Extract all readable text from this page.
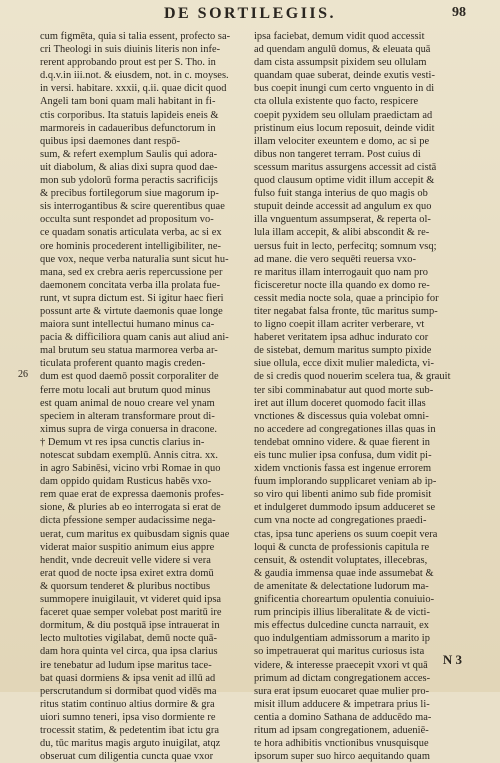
DE SORTILEGIIS.	98
26
cum figmēta, quia si talia essent, profecto sa-
cri Theologi in suis diuinis literis non infe-
rerent approbando prout est per S. Tho. in
d.q.v.in iii.not. & eiusdem, not. in c. moyses.
in versi. habitare. xxxii, q.ii. quae dicit quod
Angeli tam boni quam mali habitant in fi-
ctis corporibus. Ita statuis lapideis eneis &
marmoreis in cadaueribus defunctorum in
quibus ipsi daemones dant respō-
sum, & refert exemplum Saulis qui adora-
uit diabolum, & alias dixi supra quod dae-
mon sub ydolorū forma peractis sacrificijs
& precibus fortilegorum siue magorum ip-
sis interrogantibus & scire querentibus quae
occulta sunt respondet ad propositum vo-
ce quadam sonatis articulata verba, ac si ex
ore hominis procederent intelligibiliter, ne-
que vox, neque verba naturalia sunt sicut hu-
mana, sed ex crebra aeris repercussione per
daemonem concitata verba illa prolata fue-
runt, vt supra dictum est. Si igitur haec fieri
possunt arte & virtute daemonis quae longe
maiora sunt intellectui humano minus ca-
pacia & difficiliora quam canis aut aliud ani-
mal brutum seu statua marmorea verba ar-
ticulata proferent quanto magis creden-
dum est quod daemō possit corporaliter de
ferre motu locali aut brutum quod minus
est quam animal de nouo creare vel ynam
speciem in alteram transformare prout di-
ximus supra de virga conuersa in dracone.
† Demum vt res ipsa cunctis clarius in-
notescat subdam exemplū. Annis citra. xx.
in agro Sabinēsi, vicino vrbi Romae in quo
dam oppido quidam Rusticus habēs vxo-
rem quae erat de expressa daemonis profes-
sione, & pluries ab eo interrogata si erat de
dicta pfessione semper audacissime nega-
uerat, cum maritus ex quibusdam signis quae
viderat maior suspitio animum eius appre
hendit, vnde decreuit velle videre si vera
erat quod de nocte ipsa exiret extra domū
& quorsum tenderet & pluribus noctibus
summopere inuigilauit, vt videret quid ipsa
faceret quae semper volebat post maritū ire
dormitum, & diu postquā ipse intrauerat in
lecto multoties vigilabat, demū nocte quā-
dam hora quinta vel circa, qua ipsa clarius
ire tenebatur ad ludum ipse maritus tace-
bat quasi dormiens & ipsa venit ad illū ad
perscrutandum si dormibat quod vidēs ma
ritus statim continuo altius dormire & gra
uiori sumno teneri, ipsa viso dormiente re
trocessit statim, & pedetentim ibat ictu gra
du, tūc maritus magis arguto inuigilat, atqz
obseruat cum diligentia cuncta quae vxor
ipsa faciebat, demum vidit quod accessit
ad quendam angulū domus, & eleuata quā
dam cista assumpsit pixidem seu ollulam
quandam quae suberat, deinde exutis vesti-
bus coepit inungi cum certo vnguento in di
cta ollula existente quo facto, respicere
coepit pyxidem seu ollulam praedictam ad
pristinum eius locum reposuit, deinde vidit
illam velociter exeuntem e domo, ac si pe
dibus non tangeret terram. Post cuius di
scessum maritus assurgens accessit ad cistā
quod clausum optime vidit illum accepit &
fulso fuit stanga interius de quo magis ob
stupuit deinde accessit ad angulum ex quo
illa vnguentum assumpserat, & reperta ol-
lula illam accepit, & alibi abscondit & re-
uersus fuit in lecto, perfecitq; somnum vsq;
ad mane. die vero sequēti reuersa vxo-
re maritus illam interrogauit quo nam pro
ficisceretur nocte illa quando ex domo re-
cessit media nocte sola, quae a principio for
titer negabat falsa fronte, tūc maritus sump-
to ligno coepit illam acriter verberare, vt
haberet veritatem ipsa adhuc indurato cor
de sistebat, demum maritus sumpto pixide
siue ollula, ecce dixit mulier maledicta, vi-
de si credis quod nouerim scelera tua, & grauit
ter sibi comminabatur aut quod morte sub-
iret aut illum doceret quomodo facit illas
vnctiones & discessus quia volebat omni-
no accedere ad congregationes illas quas in
tendebat omnino videre. & quae fierent in
eis tunc mulier ipsa confusa, dum vidit pi-
xidem vnctionis fassa est ingenue errorem
fuum implorando supplicaret veniam ab ip-
so viro qui libenti animo sub fide promisit
et indulgeret dummodo ipsum adduceret se
cum vna nocte ad congregationes praedi-
ctas, ipsa tunc aperiens os suum coepit vera
loqui & cuncta de professionis capitula re
censuit, & ostendit voluptates, illecebras,
& gaudia immensa quae inde assumebat &
de amenitate & delectatione ludorum ma-
gnificentia choreartum opulentia conuiuio-
rum principis illius liberalitate & de victi-
mis effectus dulcedine cuncta narrauit, ex
quo indulgentiam admissorum a marito ip
so impetrauerat qui maritus curiosus ista
videre, & interesse praecepit vxori vt quā
primum ad dictam congregationem acces-
sura erat ipsum euocaret quae mulier pro-
misit illum adducere & impetrara prius li-
centia a domino Sathana de adducēdo ma-
ritum ad ipsam congregationem, adueniē-
te hora adhibitis vnctionibus vnusquisque
ipsorum super suo hirco aequitando quam
N 3
